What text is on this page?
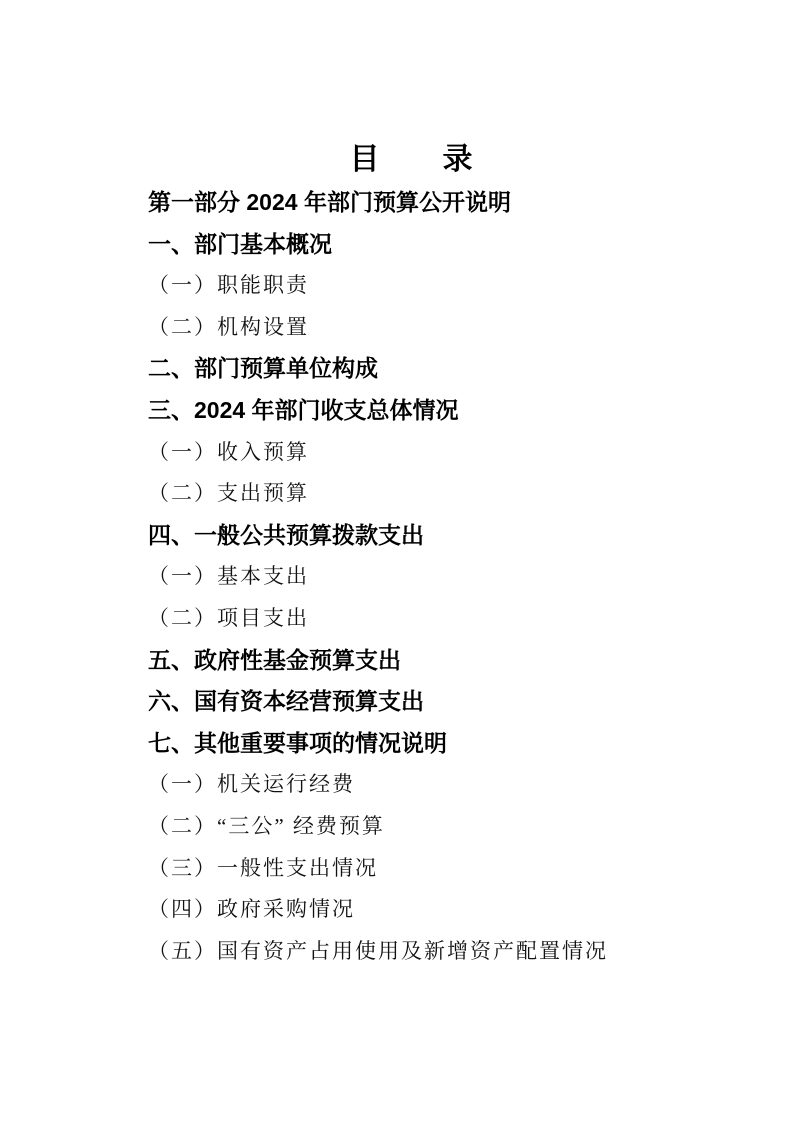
目　　录
第一部分 2024 年部门预算公开说明
一、部门基本概况
（一）职能职责
（二）机构设置
二、部门预算单位构成
三、2024 年部门收支总体情况
（一）收入预算
（二）支出预算
四、一般公共预算拨款支出
（一）基本支出
（二）项目支出
五、政府性基金预算支出
六、国有资本经营预算支出
七、其他重要事项的情况说明
（一）机关运行经费
（二）“三公” 经费预算
（三）一般性支出情况
（四）政府采购情况
（五）国有资产占用使用及新增资产配置情况
